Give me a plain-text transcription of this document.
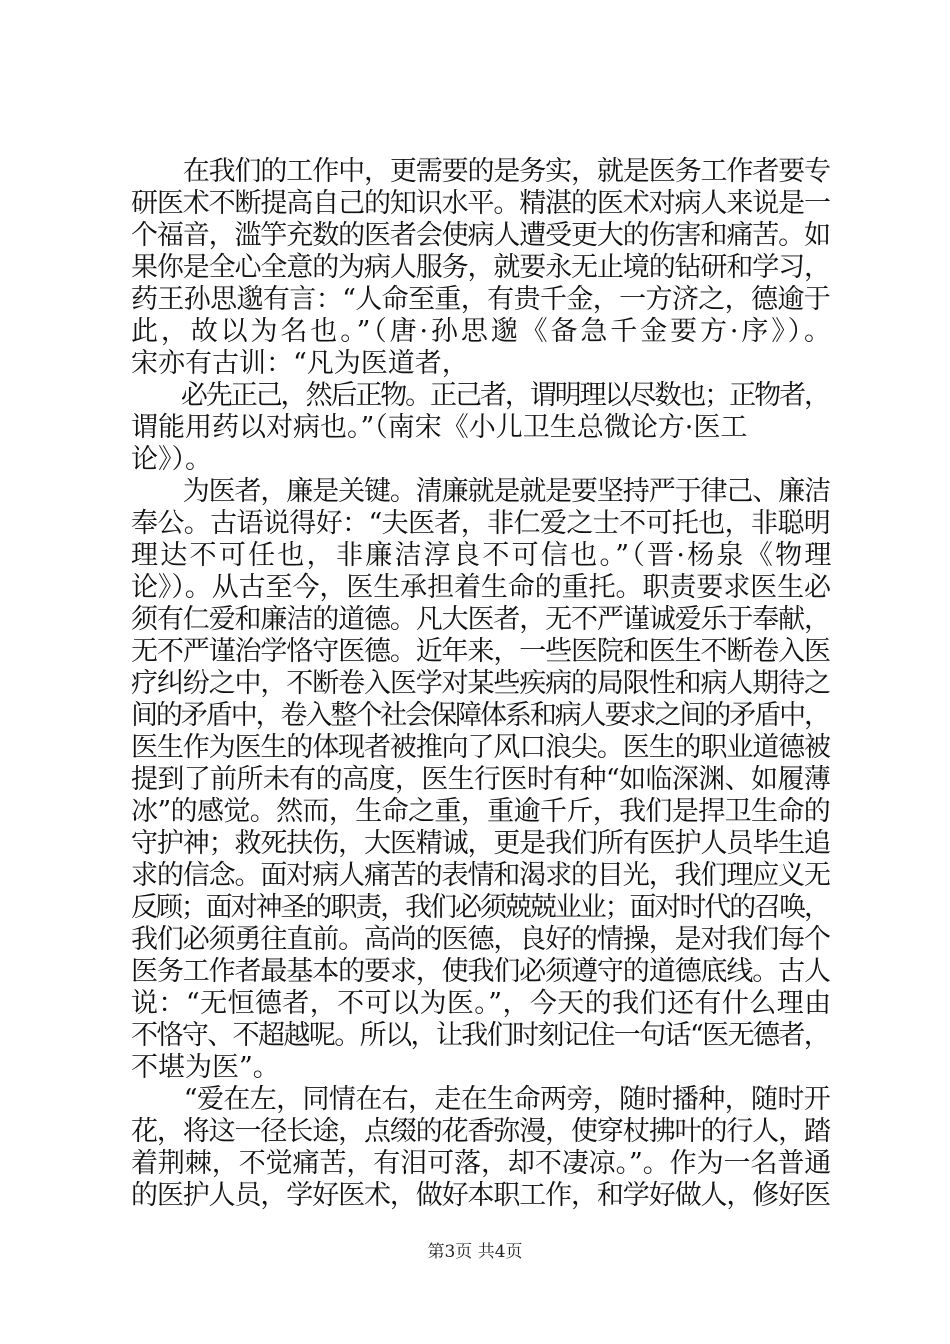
　　在我们的工作中，更需要的是务实，就是医务工作者要专
研医术不断提高自己的知识水平。精湛的医术对病人来说是一
个福音，滥竽充数的医者会使病人遭受更大的伤害和痛苦。如
果你是全心全意的为病人服务，就要永无止境的钻研和学习，
药王孙思邈有言：“人命至重，有贵千金，一方济之，德逾于
此，故以为名也。”（唐·孙思邈《备急千金要方·序》）。
宋亦有古训：“凡为医道者，
　　必先正己，然后正物。正己者，谓明理以尽数也；正物者，
谓能用药以对病也。”（南宋《小儿卫生总微论方·医工
论》）。
　　为医者，廉是关键。清廉就是就是要坚持严于律己、廉洁
奉公。古语说得好：“夫医者，非仁爱之士不可托也，非聪明
理达不可任也，非廉洁淳良不可信也。”（晋·杨泉《物理
论》）。从古至今，医生承担着生命的重托。职责要求医生必
须有仁爱和廉洁的道德。凡大医者，无不严谨诚爱乐于奉献，
无不严谨治学恪守医德。近年来，一些医院和医生不断卷入医
疗纠纷之中，不断卷入医学对某些疾病的局限性和病人期待之
间的矛盾中，卷入整个社会保障体系和病人要求之间的矛盾中，
医生作为医生的体现者被推向了风口浪尖。医生的职业道德被
提到了前所未有的高度，医生行医时有种“如临深渊、如履薄
冰”的感觉。然而，生命之重，重逾千斤，我们是捍卫生命的
守护神；救死扶伤，大医精诚，更是我们所有医护人员毕生追
求的信念。面对病人痛苦的表情和渴求的目光，我们理应义无
反顾；面对神圣的职责，我们必须兢兢业业；面对时代的召唤，
我们必须勇往直前。高尚的医德，良好的情操，是对我们每个
医务工作者最基本的要求，使我们必须遵守的道德底线。古人
说：“无恒德者，不可以为医。”，今天的我们还有什么理由
不恪守、不超越呢。所以，让我们时刻记住一句话“医无德者，
不堪为医”。
　　“爱在左，同情在右，走在生命两旁，随时播种，随时开
花，将这一径长途，点缀的花香弥漫，使穿杖拂叶的行人，踏
着荆棘，不觉痛苦，有泪可落，却不凄凉。”。作为一名普通
的医护人员，学好医术，做好本职工作，和学好做人，修好医
第3页 共4页
